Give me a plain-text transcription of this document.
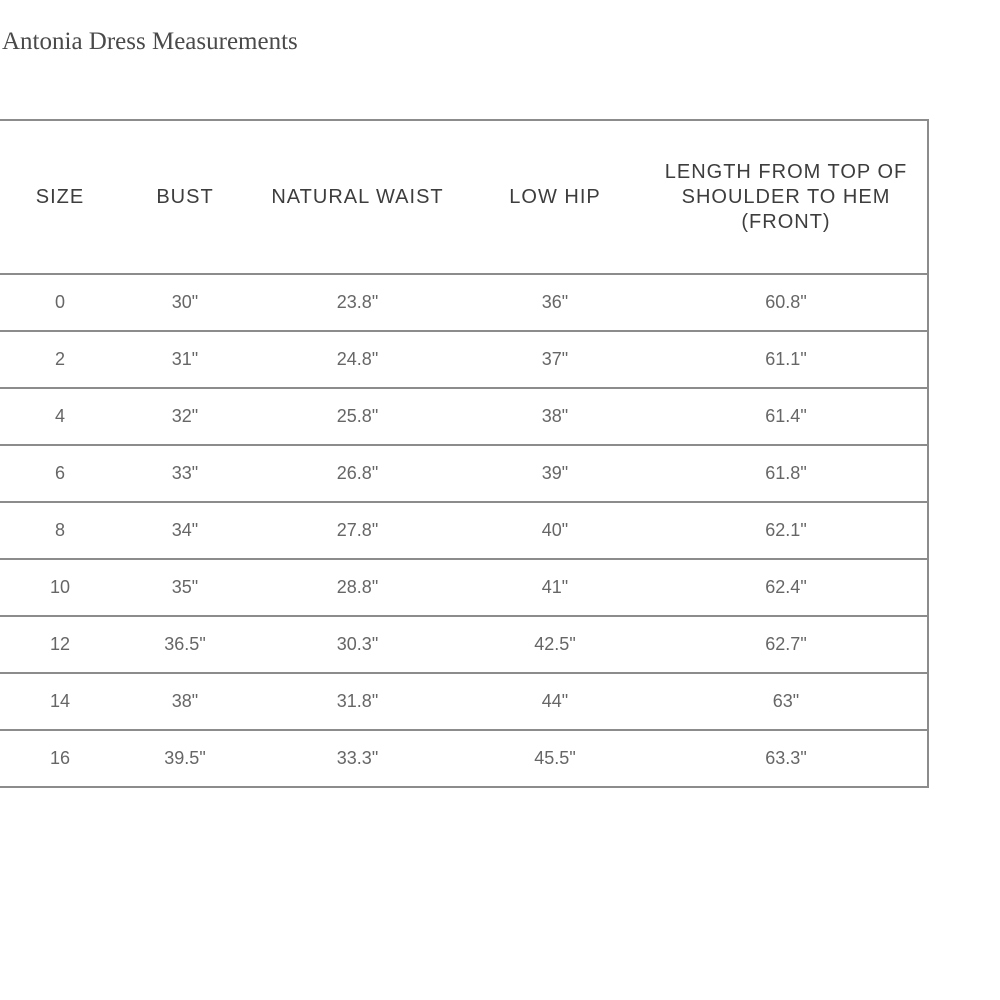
Antonia Dress Measurements
SIZE	BUST	NATURAL WAIST	LOW HIP	LENGTH FROM TOP OF SHOULDER TO HEM (FRONT)
0	30"	23.8"	36"	60.8"
2	31"	24.8"	37"	61.1"
4	32"	25.8"	38"	61.4"
6	33"	26.8"	39"	61.8"
8	34"	27.8"	40"	62.1"
10	35"	28.8"	41"	62.4"
12	36.5"	30.3"	42.5"	62.7"
14	38"	31.8"	44"	63"
16	39.5"	33.3"	45.5"	63.3"
